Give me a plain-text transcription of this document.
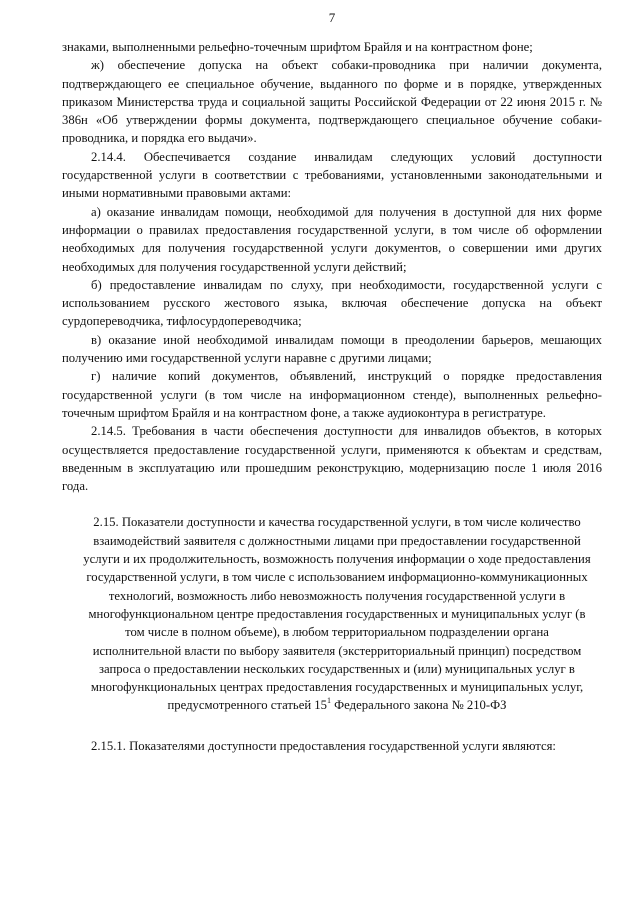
7

знаками, выполненными рельефно-точечным шрифтом Брайля и на контрастном фоне;

ж) обеспечение допуска на объект собаки-проводника при наличии документа, подтверждающего ее специальное обучение, выданного по форме и в порядке, утвержденных приказом Министерства труда и социальной защиты Российской Федерации от 22 июня 2015 г. № 386н «Об утверждении формы документа, подтверждающего специальное обучение собаки-проводника, и порядка его выдачи».

2.14.4. Обеспечивается создание инвалидам следующих условий доступности государственной услуги в соответствии с требованиями, установленными законодательными и иными нормативными правовыми актами:

а) оказание инвалидам помощи, необходимой для получения в доступной для них форме информации о правилах предоставления государственной услуги, в том числе об оформлении необходимых для получения государственной услуги документов, о совершении ими других необходимых для получения государственной услуги действий;

б) предоставление инвалидам по слуху, при необходимости, государственной услуги с использованием русского жестового языка, включая обеспечение допуска на объект сурдопереводчика, тифлосурдопереводчика;

в) оказание иной необходимой инвалидам помощи в преодолении барьеров, мешающих получению ими государственной услуги наравне с другими лицами;

г) наличие копий документов, объявлений, инструкций о порядке предоставления государственной услуги (в том числе на информационном стенде), выполненных рельефно-точечным шрифтом Брайля и на контрастном фоне, а также аудиоконтура в регистратуре.

2.14.5. Требования в части обеспечения доступности для инвалидов объектов, в которых осуществляется предоставление государственной услуги, применяются к объектам и средствам, введенным в эксплуатацию или прошедшим реконструкцию, модернизацию после 1 июля 2016 года.

2.15. Показатели доступности и качества государственной услуги, в том числе количество взаимодействий заявителя с должностными лицами при предоставлении государственной услуги и их продолжительность, возможность получения информации о ходе предоставления государственной услуги, в том числе с использованием информационно-коммуникационных технологий, возможность либо невозможность получения государственной услуги в многофункциональном центре предоставления государственных и муниципальных услуг (в том числе в полном объеме), в любом территориальном подразделении органа исполнительной власти по выбору заявителя (экстерриториальный принцип) посредством запроса о предоставлении нескольких государственных и (или) муниципальных услуг в многофункциональных центрах предоставления государственных и муниципальных услуг, предусмотренного статьей $15^1$ Федерального закона № 210-ФЗ

2.15.1. Показателями доступности предоставления государственной услуги являются:
